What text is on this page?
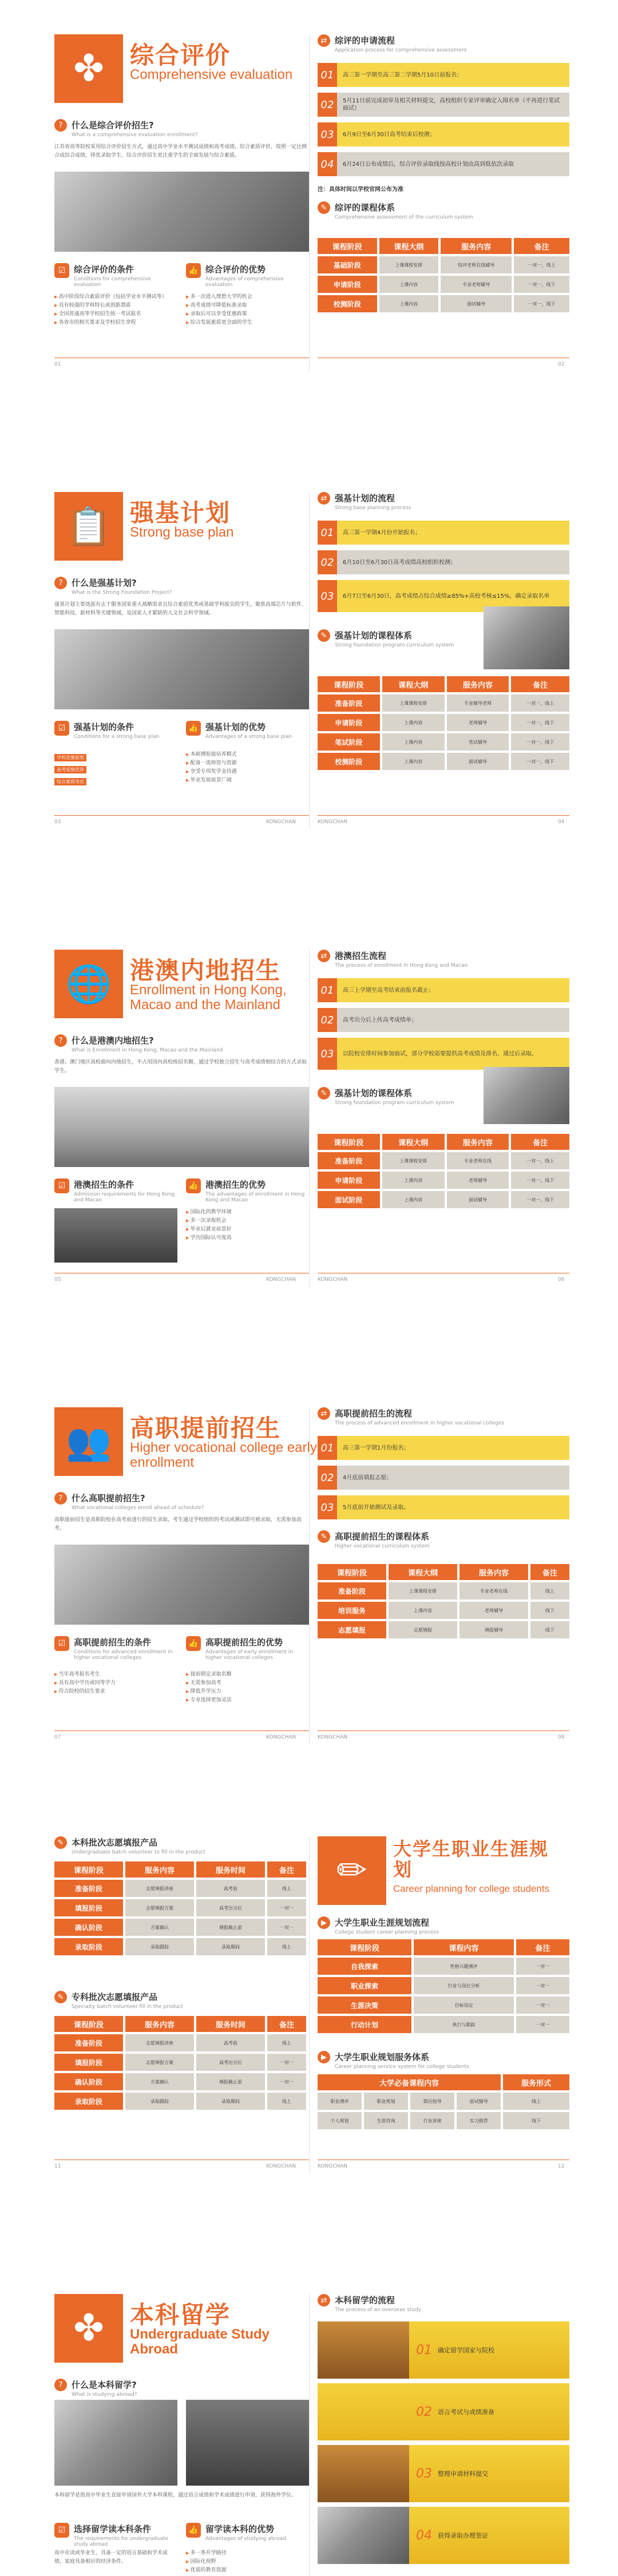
✤	综合评价
Comprehensive evaluation
?	什么是综合评价招生?
What is a comprehensive evaluation enrollment?
江苏省高等院校采用综合评价招生方式，通过高中学业水平测试成绩和高考成绩，综合素质评价，按照一定比例合成综合成绩，择优录取学生。综合评价招生更注重学生的全面发展与综合素质。
☑ 综合评价的条件
Conditions for comprehensive evaluation
▶ 高中阶段综合素质评价（包括学业水平测试等）
▶ 具有较强的学科特长或创新潜质
▶ 全国普通高等学校招生统一考试报名
▶ 各省市的相关要求及学校招生章程
👍 综合评价的优势
Advantages of comprehensive evaluation
▶ 多一次进入理想大学的机会
▶ 高考成绩可降低标准录取
▶ 录取后可以享受优惠政策
▶ 综合发展素质更全面的学生
01
⇄ 综评的申请流程
Application process for comprehensive assessment
01	高三第一学期至高三第二学期5月10日前报名；
02	5月11日前完成初审及相关材料提交，高校组织专家评审确定入围名单（不再进行笔试面试）
03	6月9日至6月30日高考结束后校测；
04	6月24日公布成绩后，综合评价录取线按高校计划由高到低依次录取
注：具体时间以学校官网公布为准
✎ 综评的课程体系
Comprehensive assessment of the curriculum system
课程阶段	课程大纲	服务内容	备注
基础阶段	上课课程安排	综评老师在线辅导	一对一，线上
申请阶段	上课内容	专业老师辅导	一对一，线下
校测阶段	上课内容	面试辅导	一对一，线下
02
📋 强基计划
Strong base plan
?	什么是强基计划?
What is the Strong Foundation Project?
强基计划主要选拔有志于服务国家重大战略需求且综合素质优秀或基础学科拔尖的学生，聚焦高端芯片与软件、智能科技、新材料等关键领域，及国家人才紧缺的人文社会科学领域。
☑ 强基计划的条件
Conditions for a strong base plan
学科竞赛获奖
高考成绩优异
综合素质突出
👍 强基计划的优势
Advantages of a strong base plan
▶ 本硕博衔接培养模式
▶ 配备一流师资与资源
▶ 享受专项奖学金待遇
▶ 毕业发展前景广阔
03	KONGCHAN
⇄ 强基计划的流程
Strong base planning process
01	高三第一学期4月份开始报名；
02	6月10日至6月30日高考成绩高校组织校测；
03	6月7日至6月30日，高考成绩占综合成绩≥85%+高校考核≤15%，确定录取名单
✎ 强基计划的课程体系
Strong foundation program curriculum system
课程阶段	课程大纲	服务内容	备注
准备阶段	上课课程安排	专业辅导老师	一对一，线上
申请阶段	上课内容	老师辅导	一对一，线下
笔试阶段	上课内容	笔试辅导	一对一，线下
校测阶段	上课内容	面试辅导	一对一，线下
KONGCHAN	04
🌐 港澳内地招生
Enrollment in Hong Kong, Macao and the Mainland
?	什么是港澳内地招生?
What is Enrollment in Hong Kong, Macao and the Mainland
香港、澳门地区高校面向内地招生，不占用国内高校统招名额，通过学校独立招生与高考成绩相结合的方式录取学生。
☑ 港澳招生的条件
Admission requirements for Hong Kong and Macao
👍 港澳招生的优势
The advantages of enrollment in Hong Kong and Macao
▶ 国际化的教学环境
▶ 多一次录取机会
▶ 毕业后就业前景好
▶ 学历国际认可度高
05	KONGCHAN
⇄ 港澳招生流程
The process of enrollment in Hong Kong and Macao
01	高三上学期至高考结束前报名截止；
02	高考出分后上传高考成绩单；
03	以院校安排时间参加面试，部分学校需要提供高考成绩及排名，通过后录取。
✎ 强基计划的课程体系
Strong foundation program curriculum system
课程阶段	课程大纲	服务内容	备注
准备阶段	上课课程安排	专业老师在线	一对一，线上
申请阶段	上课内容	老师辅导	一对一，线下
面试阶段	上课内容	面试辅导	一对一，线下
KONGCHAN	06
👥 高职提前招生
Higher vocational college early enrollment
?	什么高职提前招生?
What vocational colleges enroll ahead of schedule?
高职提前招生是高职院校在高考前进行的招生录取，考生通过学校组织的考试或测试即可被录取，无需参加高考。
☑ 高职提前招生的条件
Conditions for advanced enrollment in higher vocational colleges
▶ 当年高考报名考生
▶ 具有高中学历或同等学力
▶ 符合院校的招生要求
👍 高职提前招生的优势
Advantages of early enrollment in higher vocational colleges
▶ 提前锁定录取名额
▶ 无需参加高考
▶ 降低升学压力
▶ 专业选择更加灵活
07	KONGCHAN
⇄ 高职提前招生的流程
The process of advanced enrollment in higher vocational colleges
01	高三第一学期1月份报名；
02	4月底前填报志愿；
03	5月底前开始测试及录取。
✎ 高职提前招生的课程体系
Higher vocational curriculum system
课程阶段	课程大纲	服务内容	备注
准备阶段	上课课程安排	专业老师在线	线上
培训服务	上课内容	老师辅导	线下
志愿填报	志愿填报	填报辅导	线下
KONGCHAN	08
✎ 本科批次志愿填报产品
Undergraduate batch volunteer to fill in the product
课程阶段	服务内容	服务时间	备注
准备阶段	志愿填报讲座	高考前	线上
填报阶段	志愿填报方案	高考出分后	一对一
确认阶段	方案确认	填报截止前	一对一
录取阶段	录取跟踪	录取期间	线上
✎ 专科批次志愿填报产品
Specialty batch volunteer fill in the product
课程阶段	服务内容	服务时间	备注
准备阶段	志愿填报讲座	高考前	线上
填报阶段	志愿填报方案	高考出分后	一对一
确认阶段	方案确认	填报截止前	一对一
录取阶段	录取跟踪	录取期间	线上
11	KONGCHAN
✏
大学生职业生涯规划
Career planning for college students
▶ 大学生职业生涯规划流程
College student career planning process
课程阶段	课程内容	备注
自我探索	性格兴趣测评	一对一
职业探索	行业与岗位分析	一对一
生涯决策	目标设定	一对一
行动计划	执行与跟踪	一对一
▶ 大学生职业规划服务体系
Career planning service system for college students
大学必备课程内容				服务形式
职业测评	职业规划	简历指导	面试辅导	线上
个人规划	生涯咨询	行业讲座	实习推荐	线下
KONGCHAN	12
✤	本科留学
Undergraduate Study Abroad
?	什么是本科留学?
What is studying abroad?
本科留学是指高中毕业生直接申请国外大学本科课程，通过语言成绩和学术成绩进行申请，获得海外学位。
☑ 选择留学读本科条件
The requirements for undergraduate study abroad
高中在读或毕业生，具备一定的语言基础和学术成绩，家庭具备相应的经济条件。
👍 留学读本科的优势
Advantages of studying abroad
▶ 多一条升学路径
▶ 国际化视野
▶ 优质的教育资源
⇄ 本科留学的流程
The process of an overseas study
01 确定留学国家与院校
02 语言考试与成绩准备
03 整理申请材料提交
04 获得录取办理签证
